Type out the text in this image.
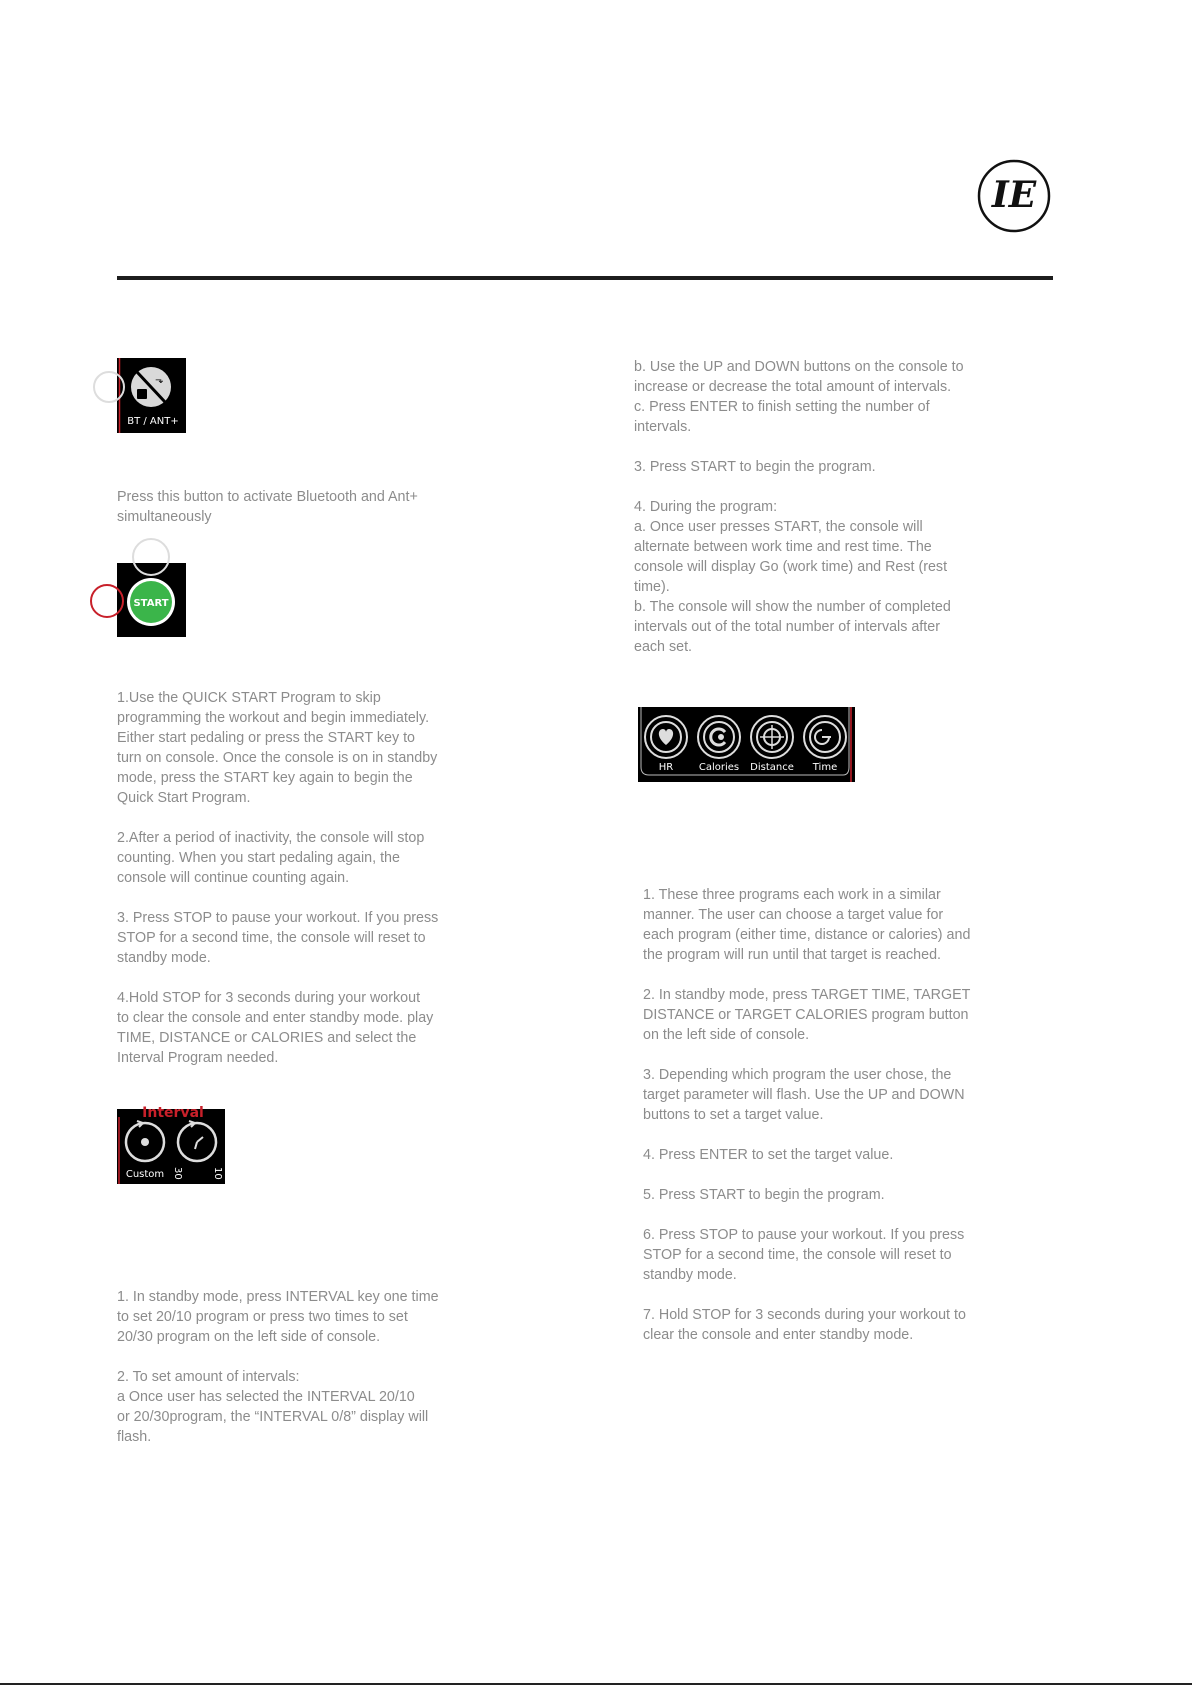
IE
⬎
BT / ANT+

Press this button to activate Bluetooth and Ant+
simultaneously

START

1.Use the QUICK START Program to skip
programming the workout and begin immediately.
Either start pedaling or press the START key to
turn on console. Once the console is on in standby
mode, press the START key again to begin the
Quick Start Program.

2.After a period of inactivity, the console will stop
counting. When you start pedaling again, the
console will continue counting again.

3. Press STOP to pause your workout. If you press
STOP for a second time, the console will reset to
standby mode.

4.Hold STOP for 3 seconds during your workout
to clear the console and enter standby mode. play
TIME, DISTANCE or CALORIES and select the
Interval Program needed.

Interval
Custom 30 • 20	10 • 20

1. In standby mode, press INTERVAL key one time
to set 20/10 program or press two times to set
20/30 program on the left side of console.

2. To set amount of intervals:
a Once user has selected the INTERVAL 20/10
or 20/30program, the “INTERVAL 0/8” display will
flash.

b. Use the UP and DOWN buttons on the console to
increase or decrease the total amount of intervals.
c. Press ENTER to finish setting the number of
intervals.

3. Press START to begin the program.

4. During the program:
a. Once user presses START, the console will
alternate between work time and rest time. The
console will display Go (work time) and Rest (rest
time).
b. The console will show the number of completed
intervals out of the total number of intervals after
each set.

HR	Calories Distance Time

1. These three programs each work in a similar
manner. The user can choose a target value for
each program (either time, distance or calories) and
the program will run until that target is reached.

2. In standby mode, press TARGET TIME, TARGET
DISTANCE or TARGET CALORIES program button
on the left side of console.

3. Depending which program the user chose, the
target parameter will flash. Use the UP and DOWN
buttons to set a target value.

4. Press ENTER to set the target value.

5. Press START to begin the program.

6. Press STOP to pause your workout. If you press
STOP for a second time, the console will reset to
standby mode.

7. Hold STOP for 3 seconds during your workout to
clear the console and enter standby mode.
